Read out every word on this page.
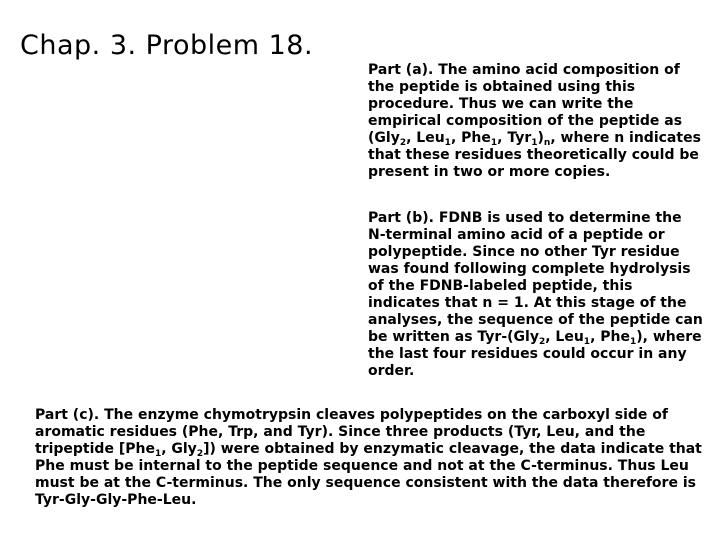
Chap. 3. Problem 18.
Part (a). The amino acid composition of the peptide is obtained using this procedure. Thus we can write the empirical composition of the peptide as (Gly$_2$, Leu$_1$, Phe$_1$, $Tyr_1)_n$, where n indicates that these residues theoretically could be present in two or more copies.
Part (b). FDNB is used to determine the N-terminal amino acid of a peptide or polypeptide. Since no other Tyr residue was found following complete hydrolysis of the FDNB-labeled peptide, this indicates that n = 1. At this stage of the analyses, the sequence of the peptide can be written as Tyr-(Gly$_2$, Leu$_1$, Phe$_1$), where the last four residues could occur in any order.
Part (c). The enzyme chymotrypsin cleaves polypeptides on the carboxyl side of aromatic residues (Phe, Trp, and Tyr). Since three products (Tyr, Leu, and the tripeptide [Phe$_1$, Gly$_2$]) were obtained by enzymatic cleavage, the data indicate that Phe must be internal to the peptide sequence and not at the C-terminus. Thus Leu must be at the C-terminus. The only sequence consistent with the data therefore is Tyr-Gly-Gly-Phe-Leu.
